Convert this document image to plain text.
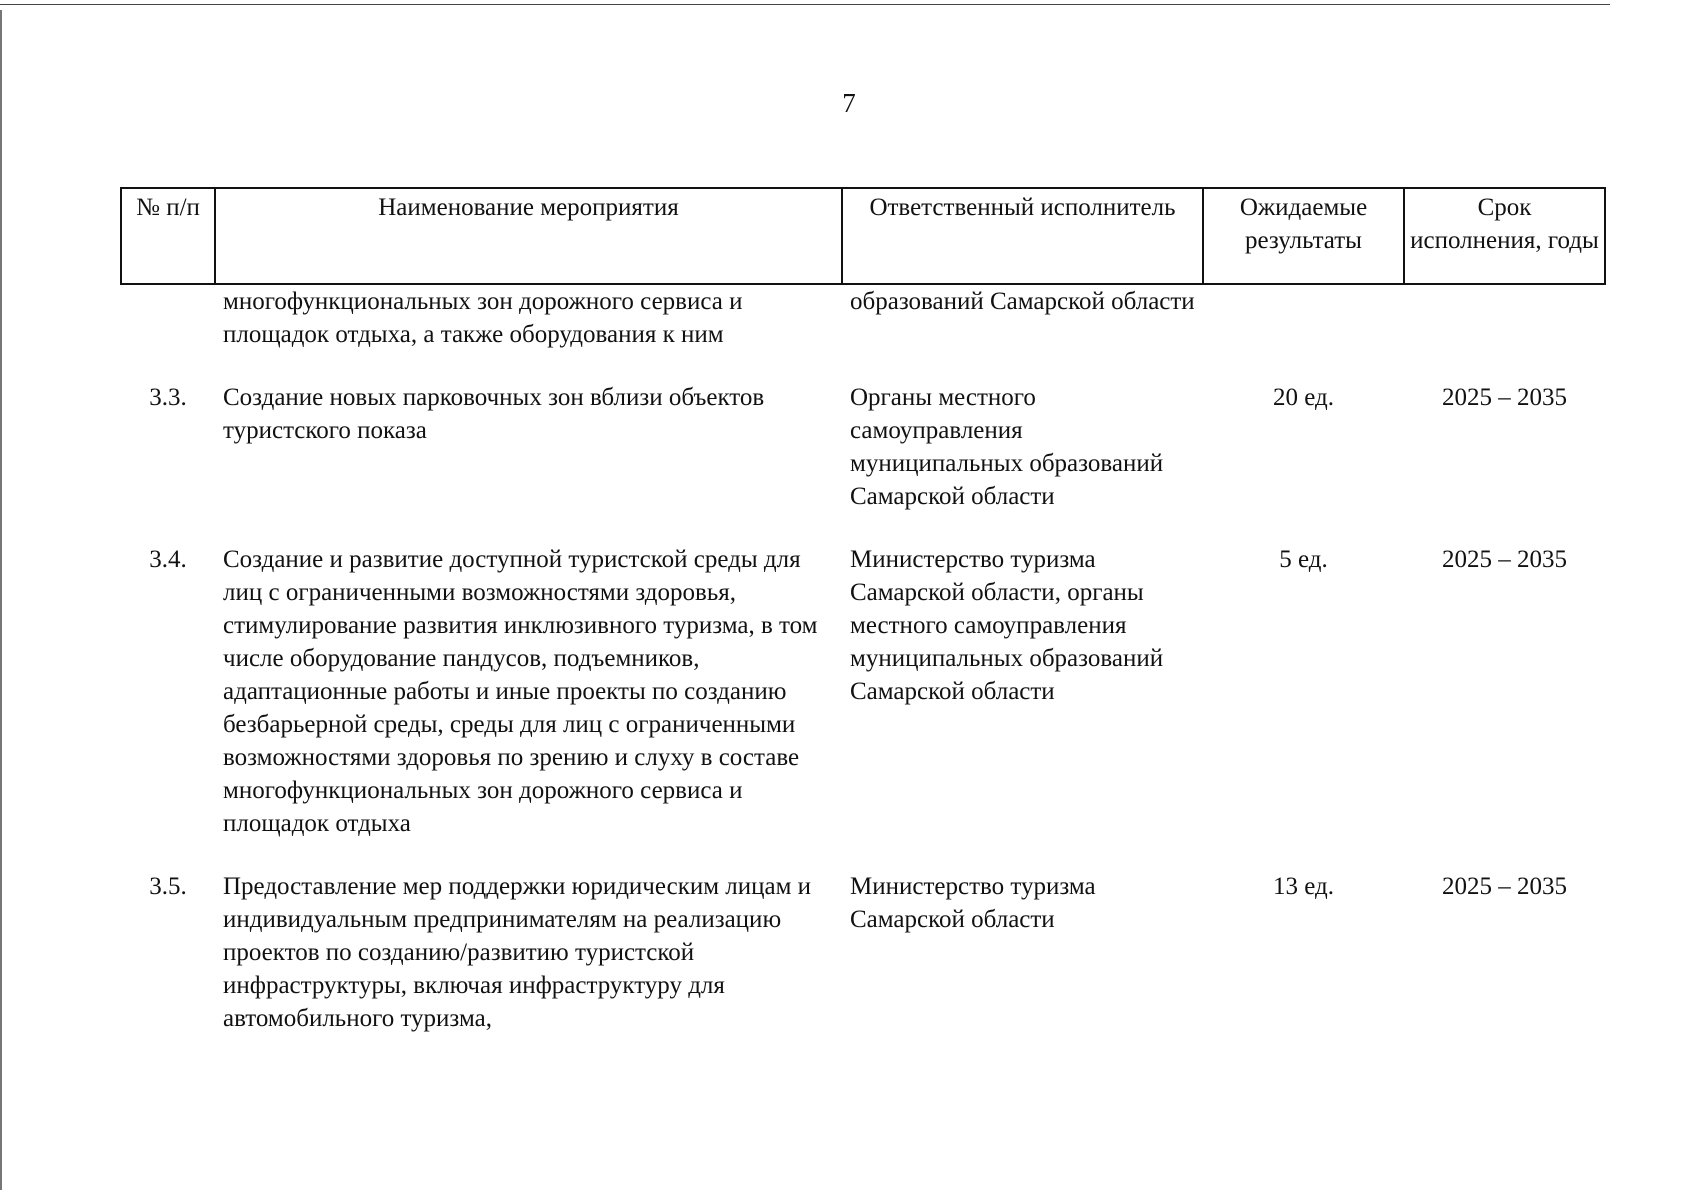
7
№ п/п	Наименование мероприятия	Ответственный исполнитель	Ожидаемые результаты	Срок исполнения, годы
	многофункциональных зон дорожного сервиса и площадок отдыха, а также оборудования к ним	образований Самарской области		
3.3.	Создание новых парковочных зон вблизи объектов туристского показа	Органы местного самоуправления муниципальных образований Самарской области	20 ед.	2025 – 2035
3.4.	Создание и развитие доступной туристской среды для лиц с ограниченными возможностями здоровья, стимулирование развития инклюзивного туризма, в том числе оборудование пандусов, подъемников, адаптационные работы и иные проекты по созданию безбарьерной среды, среды для лиц с ограниченными возможностями здоровья по зрению и слуху в составе многофункциональных зон дорожного сервиса и площадок отдыха	Министерство туризма Самарской области, органы местного самоуправления муниципальных образований Самарской области	5 ед.	2025 – 2035
3.5.	Предоставление мер поддержки юридическим лицам и индивидуальным предпринимателям на реализацию проектов по созданию/развитию туристской инфраструктуры, включая инфраструктуру для автомобильного туризма,	Министерство туризма Самарской области	13 ед.	2025 – 2035
